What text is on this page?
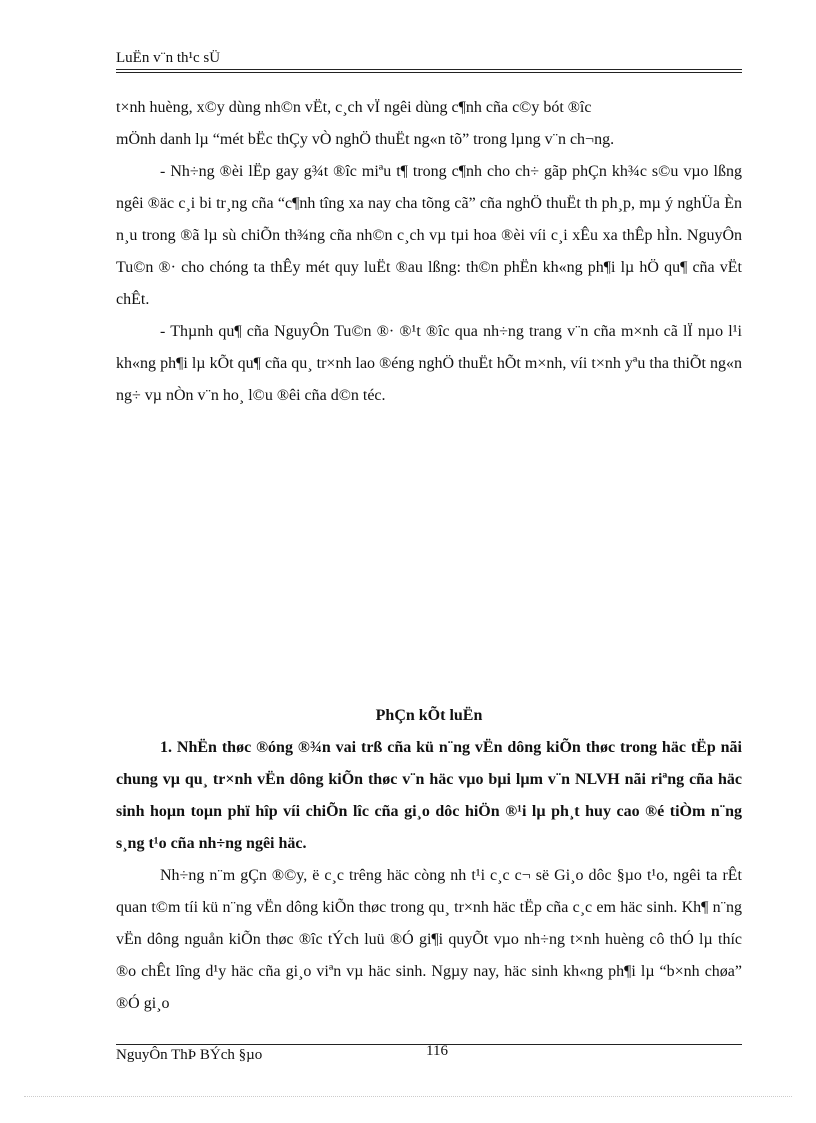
LuËn v¨n th¹c sÜ

t×nh huèng, x©y dùng nh©n vËt, c¸ch vÏ ngêi dùng c¶nh cña c©y bót ®îc

mÖnh danh lµ “mét bËc thÇy vÒ nghÖ thuËt ng«n tõ” trong lµng v¨n ch¬ng.

- Nh÷ng ®èi lËp gay g¾t ®îc miªu t¶ trong c¶nh cho ch÷ gãp phÇn kh¾c s©u vµo lßng ngêi ®äc c¸i bi tr¸ng cña “c¶nh tîng xa nay cha tõng cã” cña nghÖ thuËt th ph¸p, mµ ý nghÜa Èn n¸u trong ®ã lµ sù chiÕn th¾ng cña nh©n c¸ch vµ tµi hoa ®èi víi c¸i xÊu xa thÊp hÌn. NguyÔn Tu©n ®· cho chóng ta thÊy mét quy luËt ®au lßng: th©n phËn kh«ng ph¶i lµ hÖ qu¶ cña vËt chÊt.

- Thµnh qu¶ cña NguyÔn Tu©n ®· ®¹t ®îc qua nh÷ng trang v¨n cña m×nh cã lÏ nµo l¹i kh«ng ph¶i lµ kÕt qu¶ cña qu¸ tr×nh lao ®éng nghÖ thuËt hÕt m×nh, víi t×nh yªu tha thiÕt ng«n ng÷ vµ nÒn v¨n ho¸ l©u ®êi cña d©n téc.

PhÇn kÕt luËn

1. NhËn thøc ®óng ®¾n vai trß cña kü n¨ng vËn dông kiÕn thøc trong häc tËp nãi chung vµ qu¸ tr×nh vËn dông kiÕn thøc v¨n häc vµo bµi lµm v¨n NLVH nãi riªng cña häc sinh hoµn toµn phï hîp víi chiÕn lîc cña gi¸o dôc hiÖn ®¹i lµ ph¸t huy cao ®é tiÒm n¨ng s¸ng t¹o cña nh÷ng ngêi häc.

Nh÷ng n¨m gÇn ®©y, ë c¸c trêng häc còng nh t¹i c¸c c¬ së Gi¸o dôc §µo t¹o, ngêi ta rÊt quan t©m tíi kü n¨ng vËn dông kiÕn thøc trong qu¸ tr×nh häc tËp cña c¸c em häc sinh. Kh¶ n¨ng vËn dông nguån kiÕn thøc ®îc tÝch luü ®Ó gi¶i quyÕt vµo nh÷ng t×nh huèng cô thÓ lµ thíc ®o chÊt lîng d¹y häc cña gi¸o viªn vµ häc sinh. Ngµy nay, häc sinh kh«ng ph¶i lµ “b×nh chøa” ®Ó gi¸o

NguyÔn ThÞ BÝch §µo	116
